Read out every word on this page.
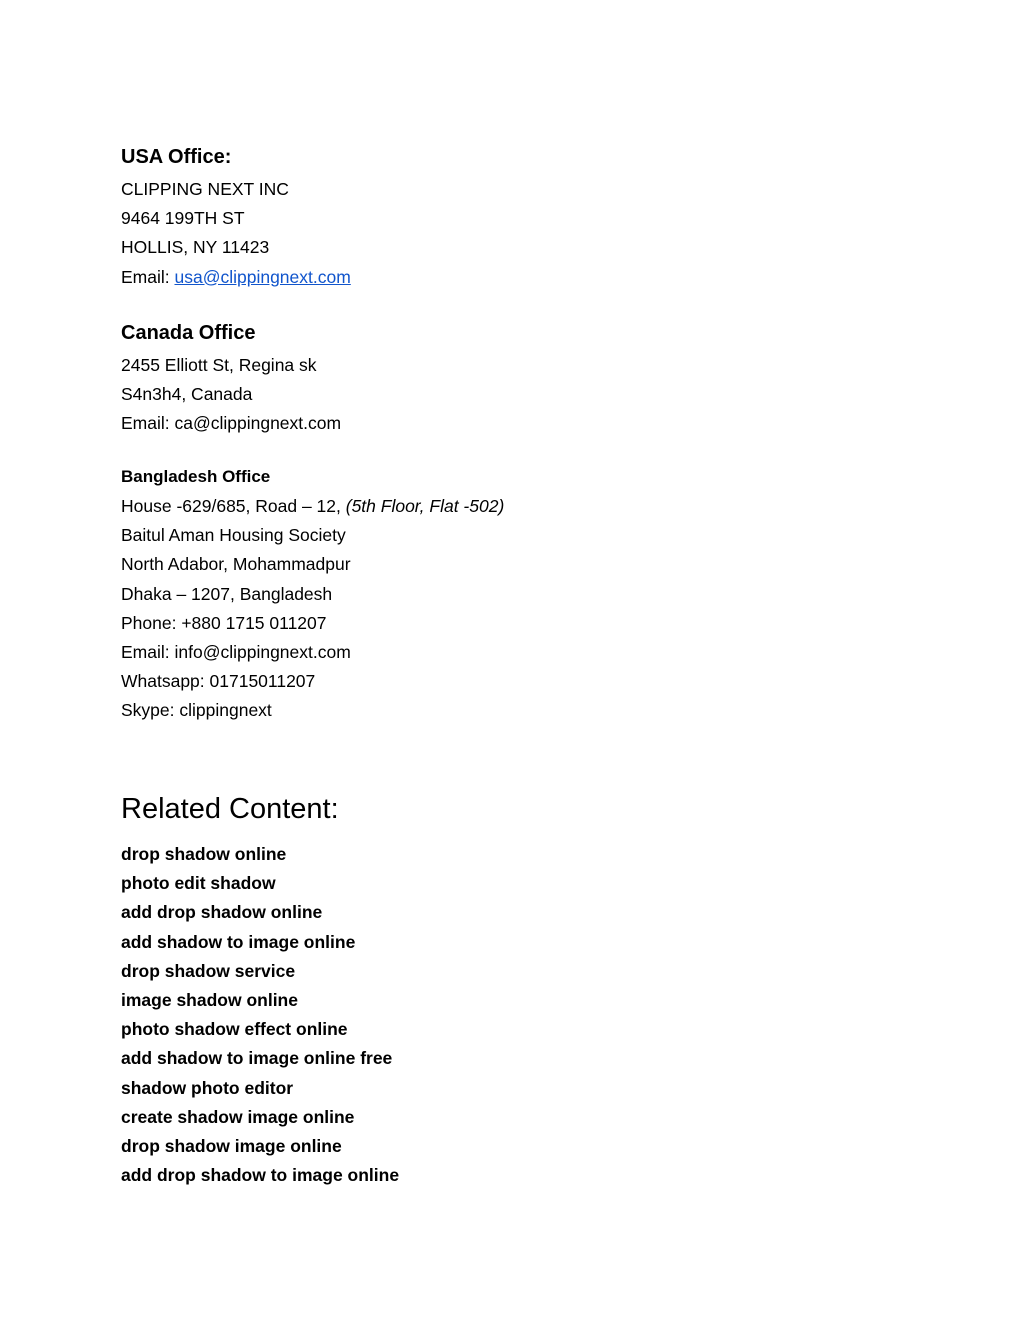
USA Office:
CLIPPING NEXT INC
9464 199TH ST
HOLLIS, NY 11423
Email: usa@clippingnext.com
Canada Office
2455 Elliott St, Regina sk
S4n3h4, Canada
Email: ca@clippingnext.com
Bangladesh Office
House -629/685, Road – 12, (5th Floor, Flat -502)
Baitul Aman Housing Society
North Adabor, Mohammadpur
Dhaka – 1207, Bangladesh
Phone: +880 1715 011207
Email: info@clippingnext.com
Whatsapp: 01715011207
Skype: clippingnext
Related Content:
drop shadow online
photo edit shadow
add drop shadow online
add shadow to image online
drop shadow service
image shadow online
photo shadow effect online
add shadow to image online free
shadow photo editor
create shadow image online
drop shadow image online
add drop shadow to image online
